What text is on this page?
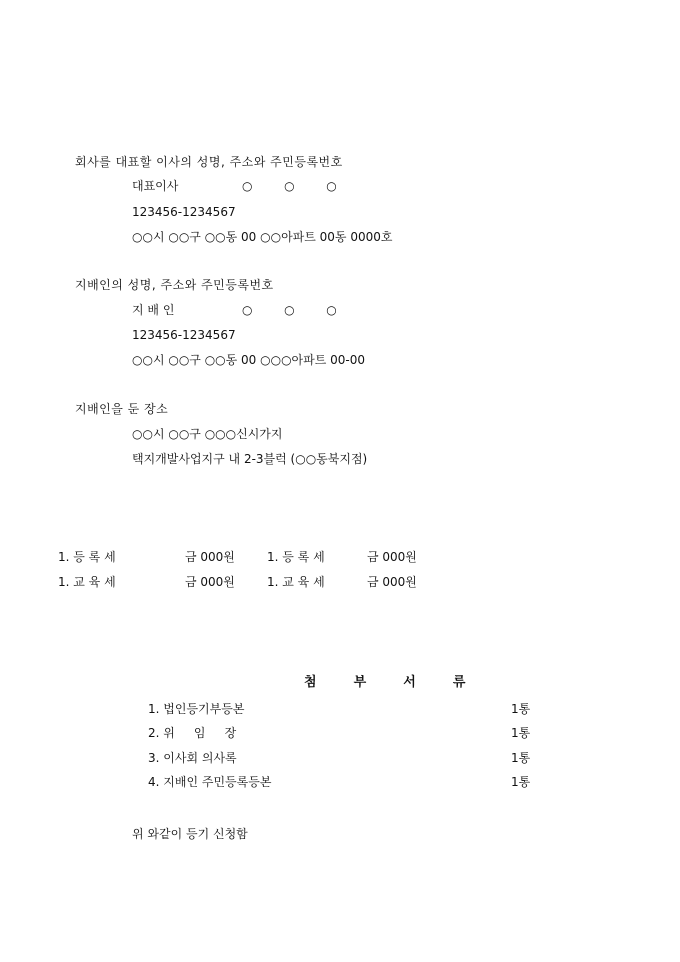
회사를 대표할 이사의 성명, 주소와 주민등록번호
대표이사	○  ○  ○
123456-1234567
○○시 ○○구 ○○동 00 ○○아파트 00동 0000호
지배인의 성명, 주소와 주민등록번호
지 배 인	○  ○  ○
123456-1234567
○○시 ○○구 ○○동 00 ○○○아파트 00-00
지배인을 둔 장소
○○시 ○○구 ○○○신시가지
택지개발사업지구 내 2-3블럭 (○○동북지점)
1. 등 록 세	금 000원	1. 등 록 세	금 000원
1. 교 육 세	금 000원	1. 교 육 세	금 000원
첨  부  서  류
1. 법인등기부등본	1통
2. 위     임     장	1통
3. 이사회 의사록	1통
4. 지배인 주민등록등본	1통
위 와같이 등기 신청함
